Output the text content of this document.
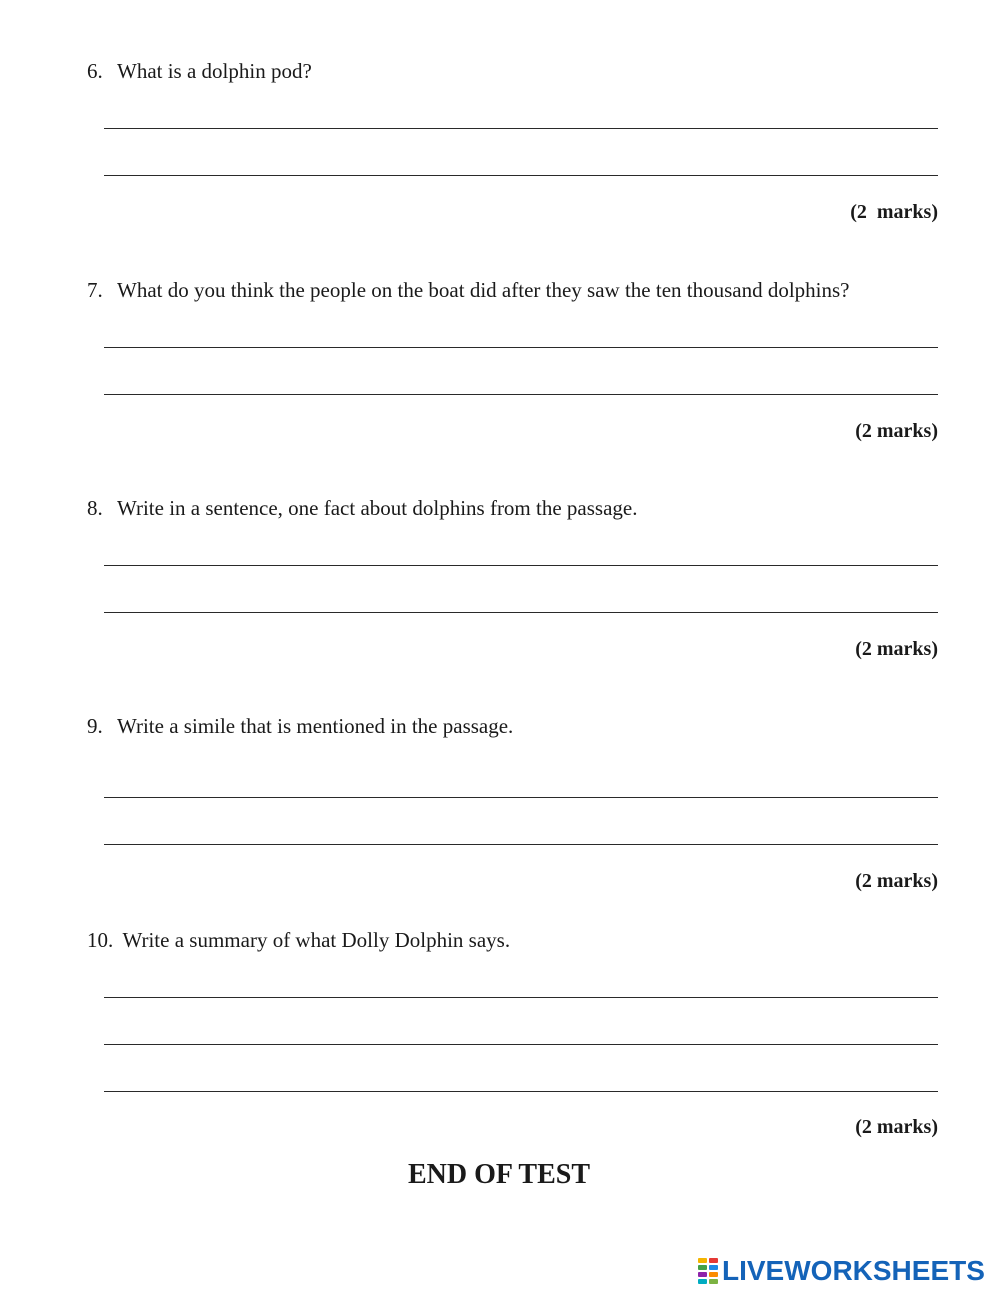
6. What is a dolphin pod?
(2  marks)
7. What do you think the people on the boat did after they saw the ten thousand dolphins?
(2 marks)
8. Write in a sentence, one fact about dolphins from the passage.
(2 marks)
9. Write a simile that is mentioned in the passage.
(2 marks)
10. Write a summary of what Dolly Dolphin says.
(2 marks)
END OF TEST
LIVEWORKSHEETS
